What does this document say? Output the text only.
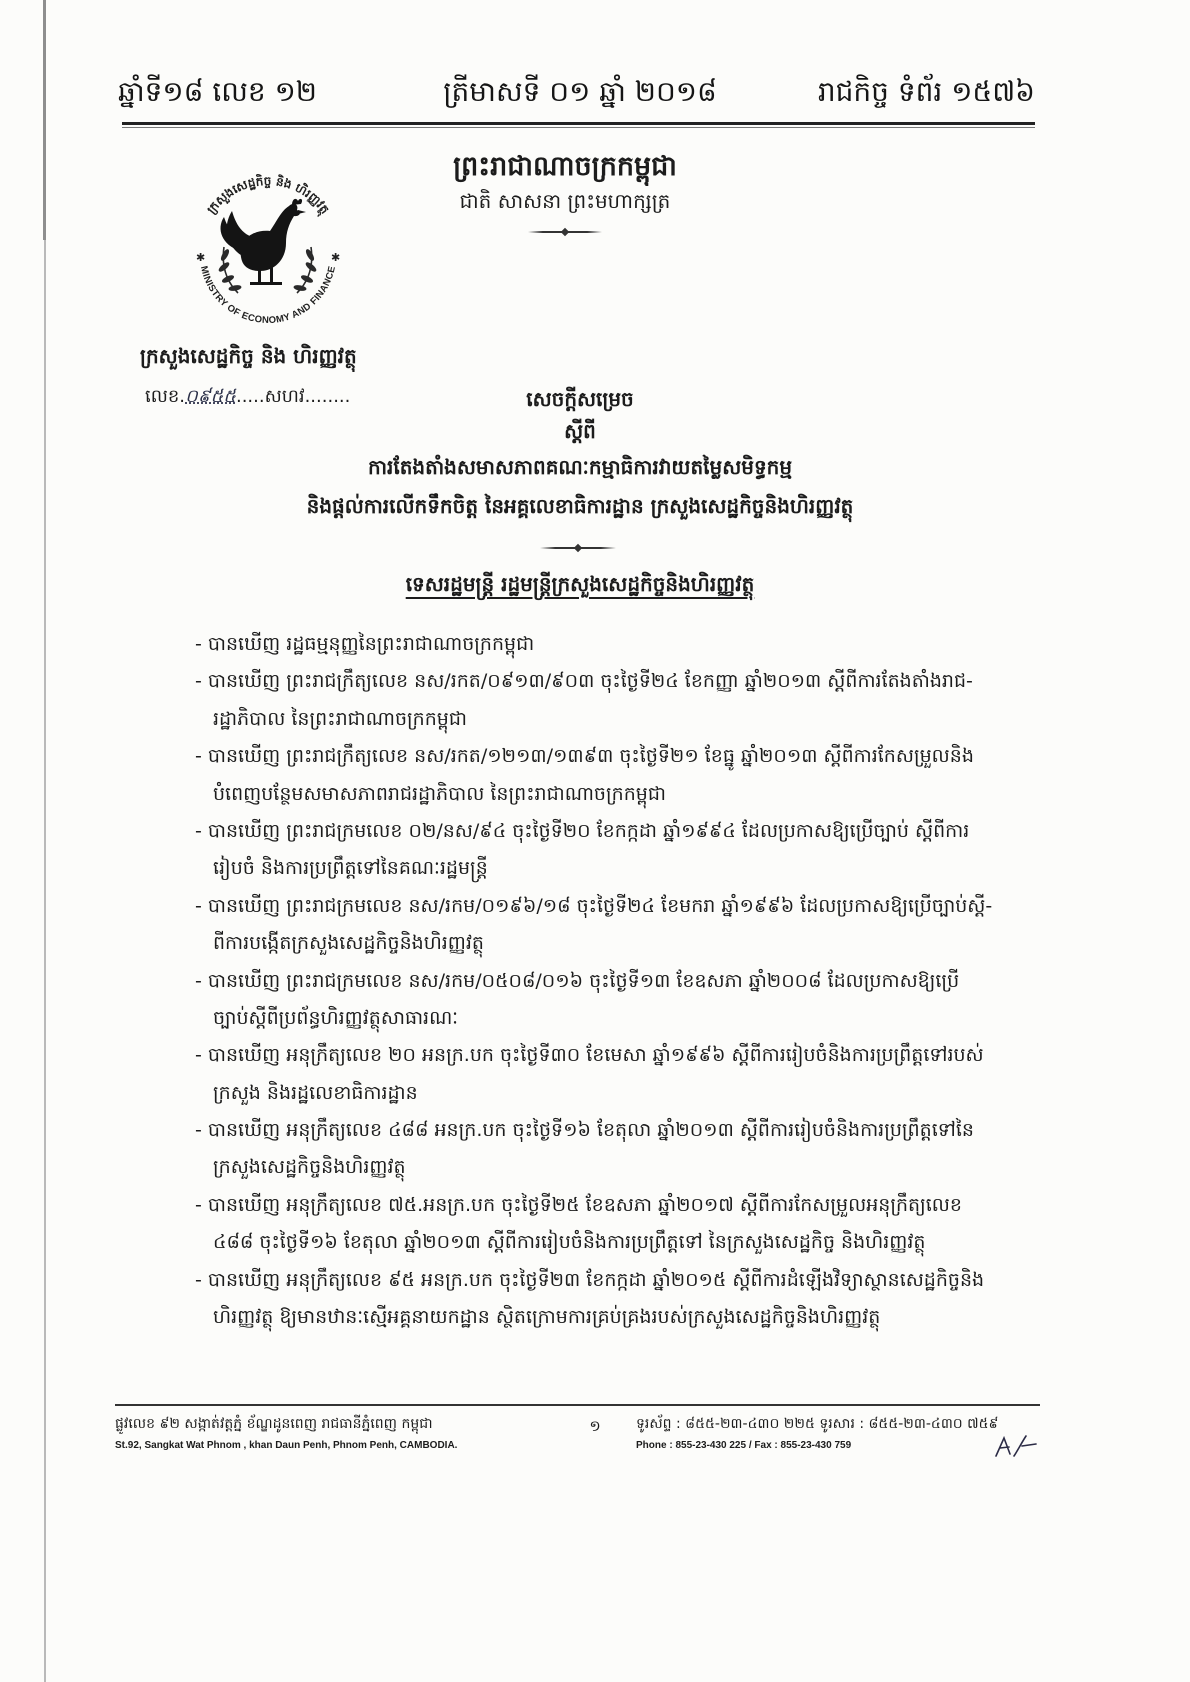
ឆ្នាំទី១៨ លេខ ១២	ត្រីមាសទី ០១ ឆ្នាំ ២០១៨	រាជកិច្ច ទំព័រ ១៥៧៦
ព្រះរាជាណាចក្រកម្ពុជា
ជាតិ សាសនា ព្រះមហាក្សត្រ
ក្រសួងសេដ្ឋកិច្ច និង ហិរញ្ញវត្ថុ
MINISTRY OF ECONOMY AND FINANCE
✱	✱
ក្រសួងសេដ្ឋកិច្ច និង ហិរញ្ញវត្ថុ
លេខ.០៩៥៥.....សហវ........	សេចក្តីសម្រេច
ស្តីពី
ការតែងតាំងសមាសភាពគណៈកម្មាធិការវាយតម្លៃសមិទ្ធកម្ម
និងផ្តល់ការលើកទឹកចិត្ត នៃអគ្គលេខាធិការដ្ឋាន ក្រសួងសេដ្ឋកិច្ចនិងហិរញ្ញវត្ថុ
ទេសរដ្ឋមន្ត្រី រដ្ឋមន្ត្រីក្រសួងសេដ្ឋកិច្ចនិងហិរញ្ញវត្ថុ
- បានឃើញ រដ្ឋធម្មនុញ្ញនៃព្រះរាជាណាចក្រកម្ពុជា
- បានឃើញ ព្រះរាជក្រឹត្យលេខ នស/រកត/០៩១៣/៩០៣ ចុះថ្ងៃទី២៤ ខែកញ្ញា ឆ្នាំ២០១៣ ស្តីពីការតែងតាំងរាជ-
រដ្ឋាភិបាល នៃព្រះរាជាណាចក្រកម្ពុជា
- បានឃើញ ព្រះរាជក្រឹត្យលេខ នស/រកត/១២១៣/១៣៩៣ ចុះថ្ងៃទី២១ ខែធ្នូ ឆ្នាំ២០១៣ ស្តីពីការកែសម្រួលនិង
បំពេញបន្ថែមសមាសភាពរាជរដ្ឋាភិបាល នៃព្រះរាជាណាចក្រកម្ពុជា
- បានឃើញ ព្រះរាជក្រមលេខ ០២/នស/៩៤ ចុះថ្ងៃទី២០ ខែកក្កដា ឆ្នាំ១៩៩៤ ដែលប្រកាសឱ្យប្រើច្បាប់ ស្តីពីការ
រៀបចំ និងការប្រព្រឹត្តទៅនៃគណៈរដ្ឋមន្ត្រី
- បានឃើញ ព្រះរាជក្រមលេខ នស/រកម/០១៩៦/១៨ ចុះថ្ងៃទី២៤ ខែមករា ឆ្នាំ១៩៩៦ ដែលប្រកាសឱ្យប្រើច្បាប់ស្តី-
ពីការបង្កើតក្រសួងសេដ្ឋកិច្ចនិងហិរញ្ញវត្ថុ
- បានឃើញ ព្រះរាជក្រមលេខ នស/រកម/០៥០៨/០១៦ ចុះថ្ងៃទី១៣ ខែឧសភា ឆ្នាំ២០០៨ ដែលប្រកាសឱ្យប្រើ
ច្បាប់ស្តីពីប្រព័ន្ធហិរញ្ញវត្ថុសាធារណៈ
- បានឃើញ អនុក្រឹត្យលេខ ២០ អនក្រ.បក ចុះថ្ងៃទី៣០ ខែមេសា ឆ្នាំ១៩៩៦ ស្តីពីការរៀបចំនិងការប្រព្រឹត្តទៅរបស់
ក្រសួង និងរដ្ឋលេខាធិការដ្ឋាន
- បានឃើញ អនុក្រឹត្យលេខ ៤៨៨ អនក្រ.បក ចុះថ្ងៃទី១៦ ខែតុលា ឆ្នាំ២០១៣ ស្តីពីការរៀបចំនិងការប្រព្រឹត្តទៅនៃ
ក្រសួងសេដ្ឋកិច្ចនិងហិរញ្ញវត្ថុ
- បានឃើញ អនុក្រឹត្យលេខ ៧៥.អនក្រ.បក ចុះថ្ងៃទី២៥ ខែឧសភា ឆ្នាំ២០១៧ ស្តីពីការកែសម្រួលអនុក្រឹត្យលេខ
៤៨៨ ចុះថ្ងៃទី១៦ ខែតុលា ឆ្នាំ២០១៣ ស្តីពីការរៀបចំនិងការប្រព្រឹត្តទៅ នៃក្រសួងសេដ្ឋកិច្ច និងហិរញ្ញវត្ថុ
- បានឃើញ អនុក្រឹត្យលេខ ៩៥ អនក្រ.បក ចុះថ្ងៃទី២៣ ខែកក្កដា ឆ្នាំ២០១៥ ស្តីពីការដំឡើងវិទ្យាស្ថានសេដ្ឋកិច្ចនិង
ហិរញ្ញវត្ថុ ឱ្យមានឋានៈស្មើអគ្គនាយកដ្ឋាន ស្ថិតក្រោមការគ្រប់គ្រងរបស់ក្រសួងសេដ្ឋកិច្ចនិងហិរញ្ញវត្ថុ
ផ្លូវលេខ ៩២ សង្កាត់វត្តភ្នំ ខ័ណ្ឌដូនពេញ រាជធានីភ្នំពេញ កម្ពុជា
St.92, Sangkat Wat Phnom , khan Daun Penh, Phnom Penh, CAMBODIA.
១	ទូរស័ព្ទ : ៨៥៥-២៣-៤៣០ ២២៥ ទូរសារ : ៨៥៥-២៣-៤៣០ ៧៥៩
Phone : 855-23-430 225 / Fax : 855-23-430 759
